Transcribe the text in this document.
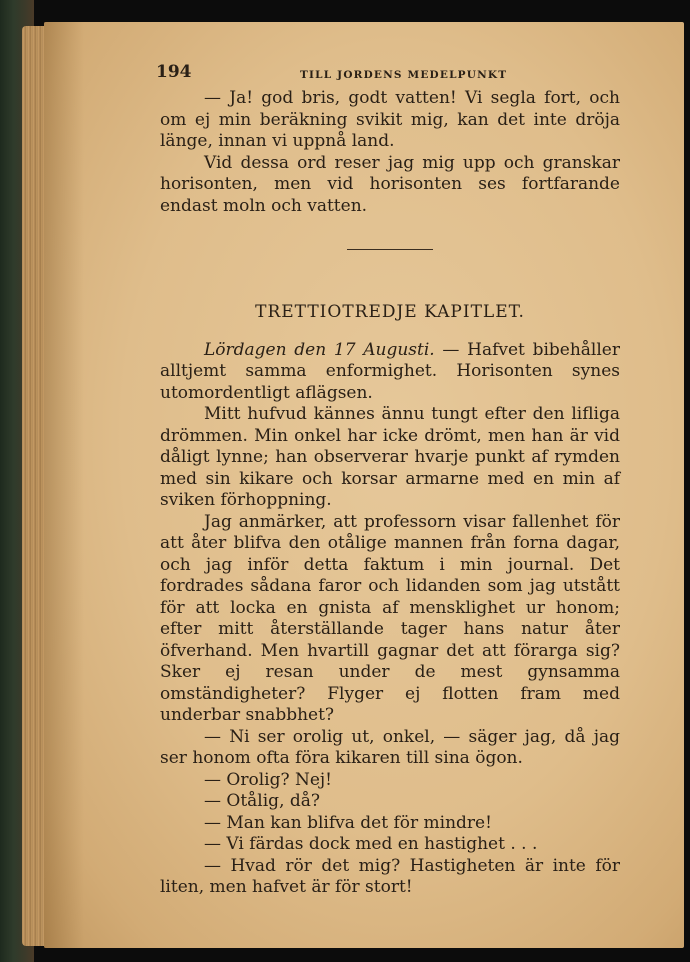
194	TILL JORDENS MEDELPUNKT

— Ja! god bris, godt vatten! Vi segla fort, och om ej min beräkning svikit mig, kan det inte dröja länge, innan vi uppnå land.

Vid dessa ord reser jag mig upp och granskar horisonten, men vid horisonten ses fortfarande endast moln och vatten.

TRETTIOTREDJE KAPITLET.

Lördagen den 17 Augusti. — Hafvet bibehåller alltjemt samma enformighet. Horisonten synes utomordentligt aflägsen.

Mitt hufvud kännes ännu tungt efter den lifliga drömmen. Min onkel har icke drömt, men han är vid dåligt lynne; han observerar hvarje punkt af rymden med sin kikare och korsar armarne med en min af sviken förhoppning.

Jag anmärker, att professorn visar fallenhet för att åter blifva den otålige mannen från forna dagar, och jag inför detta faktum i min journal. Det fordrades sådana faror och lidanden som jag utstått för att locka en gnista af mensklighet ur honom; efter mitt återställande tager hans natur åter öfverhand. Men hvartill gagnar det att förarga sig? Sker ej resan under de mest gynsamma omständigheter? Flyger ej flotten fram med underbar snabbhet?

— Ni ser orolig ut, onkel, — säger jag, då jag ser honom ofta föra kikaren till sina ögon.

— Orolig? Nej!

— Otålig, då?

— Man kan blifva det för mindre!

— Vi färdas dock med en hastighet . . .

— Hvad rör det mig? Hastigheten är inte för liten, men hafvet är för stort!
